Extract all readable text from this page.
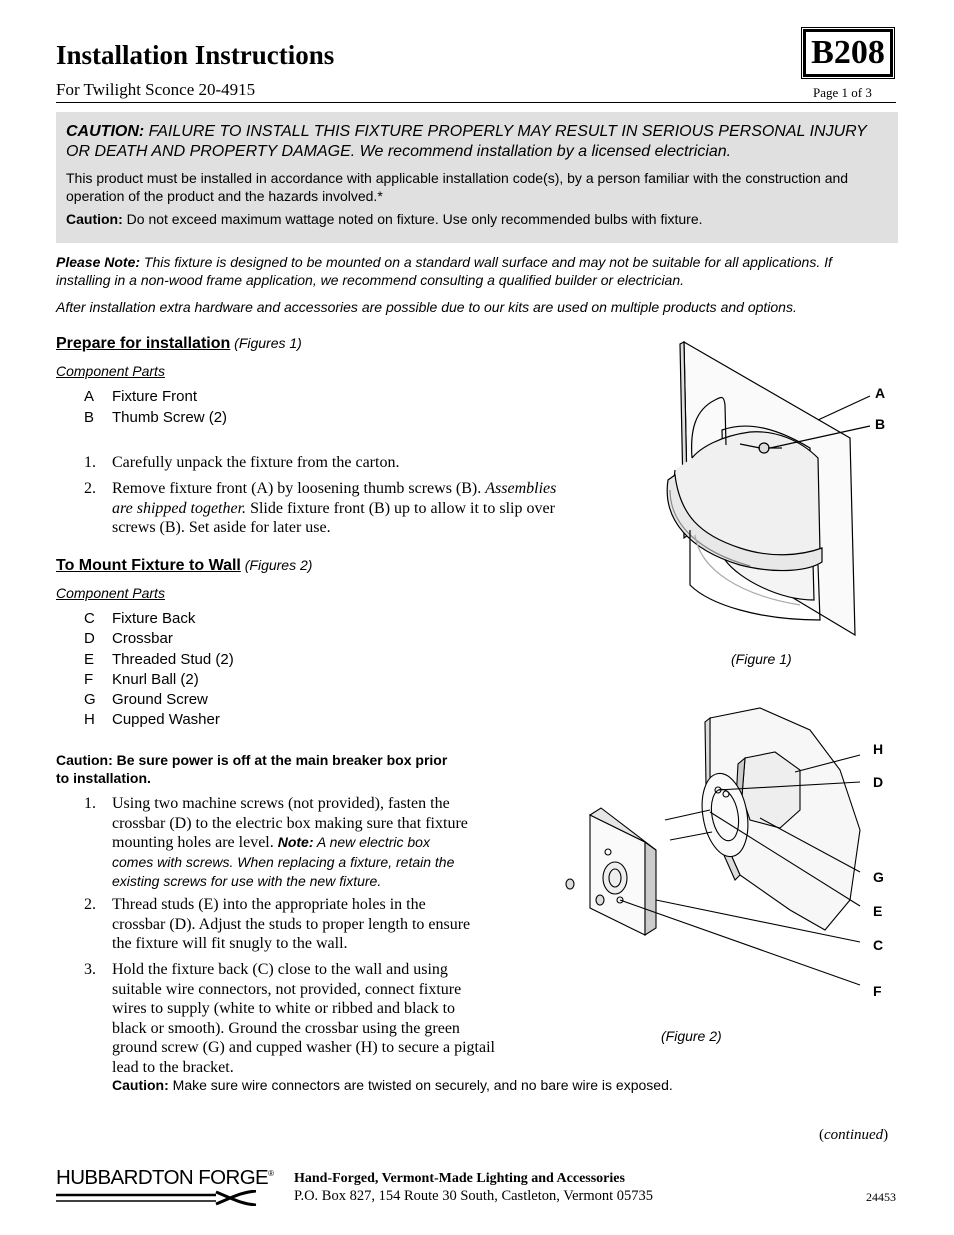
Installation Instructions
For Twilight Sconce 20-4915
B208
Page 1 of 3
CAUTION: FAILURE TO INSTALL THIS FIXTURE PROPERLY MAY RESULT IN SERIOUS PERSONAL INJURY OR DEATH AND PROPERTY DAMAGE. We recommend installation by a licensed electrician.
This product must be installed in accordance with applicable installation code(s), by a person familiar with the construction and operation of the product and the hazards involved.*
Caution: Do not exceed maximum wattage noted on fixture. Use only recommended bulbs with fixture.
Please Note: This fixture is designed to be mounted on a standard wall surface and may not be suitable for all applications. If installing in a non-wood frame application, we recommend consulting a qualified builder or electrician.
After installation extra hardware and accessories are possible due to our kits are used on multiple products and options.
Prepare for installation (Figures 1)
Component Parts
A Fixture Front
B Thumb Screw (2)
1.	Carefully unpack the fixture from the carton.
2.	Remove fixture front (A) by loosening thumb screws (B). Assemblies
are shipped together. Slide fixture front (B) up to allow it to slip over
screws (B). Set aside for later use.
To Mount Fixture to Wall (Figures 2)
Component Parts
C Fixture Back
D Crossbar
E Threaded Stud (2)
F Knurl Ball (2)
G Ground Screw
H Cupped Washer
Caution: Be sure power is off at the main breaker box prior
to installation.
1.	Using two machine screws (not provided), fasten the
crossbar (D) to the electric box making sure that fixture
mounting holes are level. Note: A new electric box
comes with screws. When replacing a fixture, retain the
existing screws for use with the new fixture.
2.	Thread studs (E) into the appropriate holes in the
crossbar (D). Adjust the studs to proper length to ensure
the fixture will fit snugly to the wall.
3.	Hold the fixture back (C) close to the wall and using
suitable wire connectors, not provided, connect fixture
wires to supply (white to white or ribbed and black to
black or smooth). Ground the crossbar using the green
ground screw (G) and cupped washer (H) to secure a pigtail
lead to the bracket.
Caution: Make sure wire connectors are twisted on securely, and no bare wire is exposed.
A
B
(Figure 1)
H
D
G
E
C
F
(Figure 2)
(continued)
HUBBARDTON FORGE® Hand-Forged, Vermont-Made Lighting and Accessories
P.O. Box 827, 154 Route 30 South, Castleton, Vermont 05735	24453
